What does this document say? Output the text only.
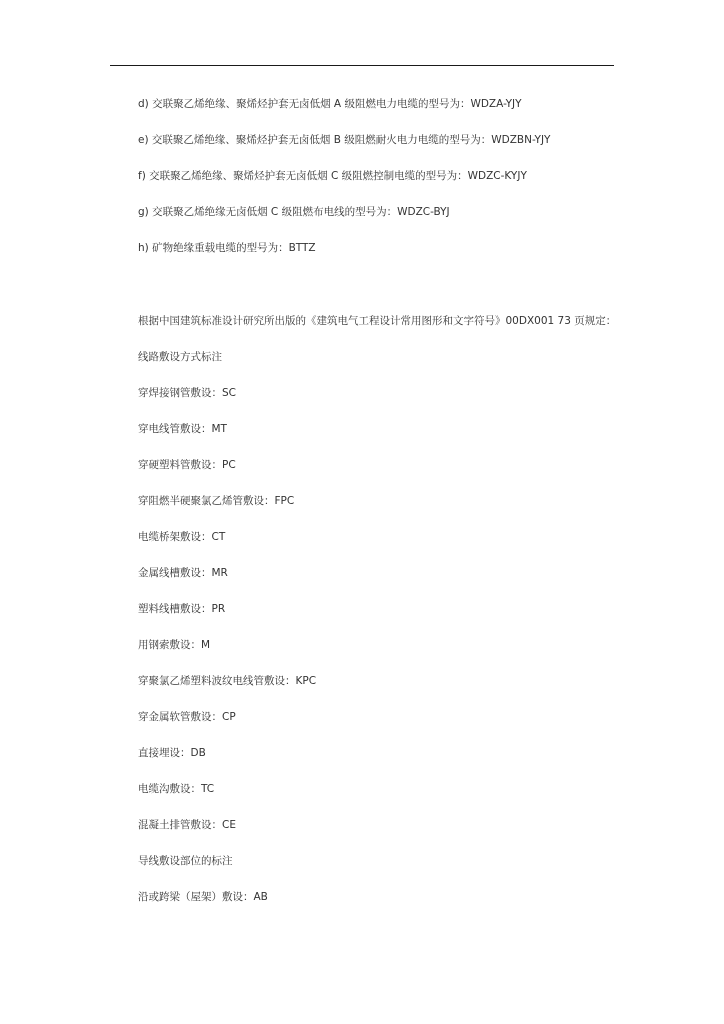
d) 交联聚乙烯绝缘、聚烯烃护套无卤低烟 A 级阻燃电力电缆的型号为：WDZA-YJY
e) 交联聚乙烯绝缘、聚烯烃护套无卤低烟 B 级阻燃耐火电力电缆的型号为：WDZBN-YJY
f) 交联聚乙烯绝缘、聚烯烃护套无卤低烟 C 级阻燃控制电缆的型号为：WDZC-KYJY
g) 交联聚乙烯绝缘无卤低烟 C 级阻燃布电线的型号为：WDZC-BYJ
h) 矿物绝缘重载电缆的型号为：BTTZ
根据中国建筑标准设计研究所出版的《建筑电气工程设计常用图形和文字符号》00DX001 73 页规定：
线路敷设方式标注
穿焊接钢管敷设：SC
穿电线管敷设：MT
穿硬塑料管敷设：PC
穿阻燃半硬聚氯乙烯管敷设：FPC
电缆桥架敷设：CT
金属线槽敷设：MR
塑料线槽敷设：PR
用钢索敷设：M
穿聚氯乙烯塑料波纹电线管敷设：KPC
穿金属软管敷设：CP
直接埋设：DB
电缆沟敷设：TC
混凝土排管敷设：CE
导线敷设部位的标注
沿或跨梁（屋架）敷设：AB
